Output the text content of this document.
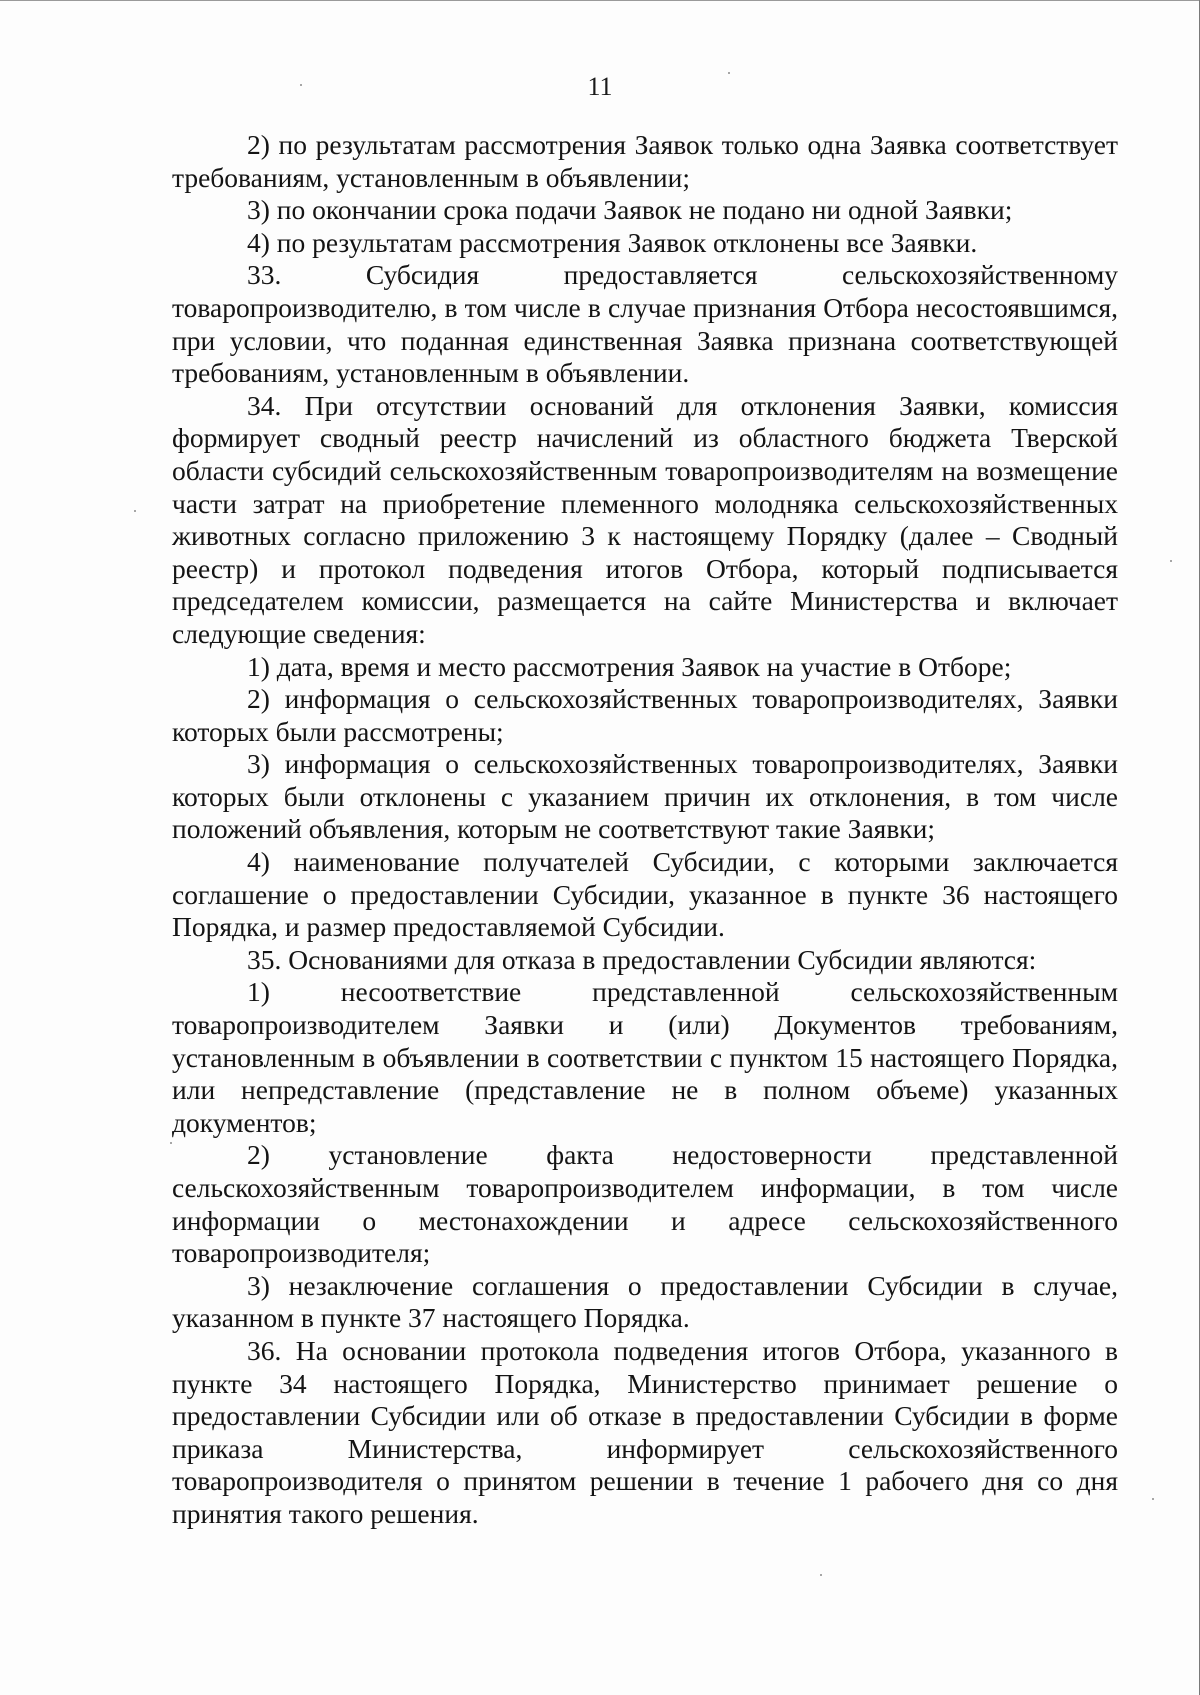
11

2) по результатам рассмотрения Заявок только одна Заявка соответствует требованиям, установленным в объявлении;

3) по окончании срока подачи Заявок не подано ни одной Заявки;

4) по результатам рассмотрения Заявок отклонены все Заявки.

33. Субсидия предоставляется сельскохозяйственному товаропроизводителю, в том числе в случае признания Отбора несостоявшимся, при условии, что поданная единственная Заявка признана соответствующей требованиям, установленным в объявлении.

34. При отсутствии оснований для отклонения Заявки, комиссия формирует сводный реестр начислений из областного бюджета Тверской области субсидий сельскохозяйственным товаропроизводителям на возмещение части затрат на приобретение племенного молодняка сельскохозяйственных животных согласно приложению 3 к настоящему Порядку (далее – Сводный реестр) и протокол подведения итогов Отбора, который подписывается председателем комиссии, размещается на сайте Министерства и включает следующие сведения:

1) дата, время и место рассмотрения Заявок на участие в Отборе;

2) информация о сельскохозяйственных товаропроизводителях, Заявки которых были рассмотрены;

3) информация о сельскохозяйственных товаропроизводителях, Заявки которых были отклонены с указанием причин их отклонения, в том числе положений объявления, которым не соответствуют такие Заявки;

4) наименование получателей Субсидии, с которыми заключается соглашение о предоставлении Субсидии, указанное в пункте 36 настоящего Порядка, и размер предоставляемой Субсидии.

35. Основаниями для отказа в предоставлении Субсидии являются:

1) несоответствие представленной сельскохозяйственным товаропроизводителем Заявки и (или) Документов требованиям, установленным в объявлении в соответствии с пунктом 15 настоящего Порядка, или непредставление (представление не в полном объеме) указанных документов;

2) установление факта недостоверности представленной сельскохозяйственным товаропроизводителем информации, в том числе информации о местонахождении и адресе сельскохозяйственного товаропроизводителя;

3) незаключение соглашения о предоставлении Субсидии в случае, указанном в пункте 37 настоящего Порядка.

36. На основании протокола подведения итогов Отбора, указанного в пункте 34 настоящего Порядка, Министерство принимает решение о предоставлении Субсидии или об отказе в предоставлении Субсидии в форме приказа Министерства, информирует сельскохозяйственного товаропроизводителя о принятом решении в течение 1 рабочего дня со дня принятия такого решения.
